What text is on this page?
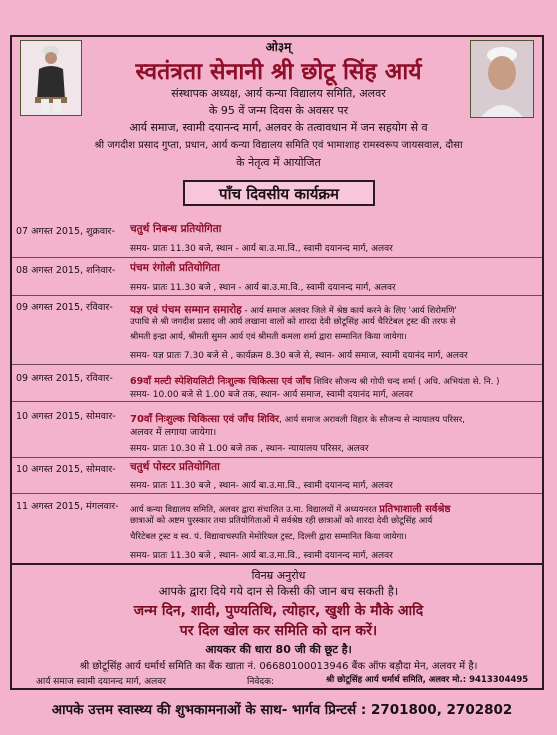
ओ३म्
स्वतंत्रता सेनानी श्री छोटू सिंह आर्य
संस्थापक अध्यक्ष, आर्य कन्या विद्यालय समिति, अलवर
के 95 वें जन्म दिवस के अवसर पर
आर्य समाज, स्वामी दयानन्द मार्ग, अलवर के तत्वावधान में जन सहयोग से व
श्री जगदीश प्रसाद गुप्ता, प्रधान, आर्य कन्या विद्यालय समिति एवं भामाशाह रामस्वरूप जायसवाल, दौसा
के नेतृत्व में आयोजित
पाँच दिवसीय कार्यक्रम
07 अगस्त 2015, शुक्रवार- चतुर्थ निबन्ध प्रतियोगिता
समय- प्रातः 11.30 बजे, स्थान - आर्य बा.उ.मा.वि., स्वामी दयानन्द मार्ग, अलवर
08 अगस्त 2015, शनिवार- पंचम रंगोली प्रतियोगिता
समय- प्रातः 11.30 बजे , स्थान - आर्य बा.उ.मा.वि., स्वामी दयानन्द मार्ग, अलवर
09 अगस्त 2015, रविवार- यज्ञ एवं पंचम सम्मान समारोह - आर्य समाज अलवर जिले में श्रेष्ठ कार्य करने के लिए 'आर्य शिरोमणि'
उपाधि से श्री जगदीश प्रसाद जी आर्य लखाना वालों को शारदा देवी छोटूसिंह आर्य चैरिटेबल ट्रस्ट की तरफ से
श्रीमती इन्द्रा आर्य, श्रीमती सुमन आर्य एवं श्रीमती कमला शर्मा द्वारा सम्मानित किया जायेगा।
समय- यज्ञ प्रातः 7.30 बजे से , कार्यक्रम 8.30 बजे से, स्थान- आर्य समाज, स्वामी दयानंद मार्ग, अलवर
09 अगस्त 2015, रविवार- 69वाँ मल्टी स्पेशियलिटी निःशुल्क चिकित्सा एवं जाँच शिविर सौजन्य श्री गोपी चन्द शर्मा ( अधि. अभियंता से. नि. )
समय- 10.00 बजे से 1.00 बजे तक, स्थान- आर्य समाज, स्वामी दयानंद मार्ग, अलवर
10 अगस्त 2015, सोमवार- 70वाँ निःशुल्क चिकित्सा एवं जाँच शिविर, आर्य समाज अरावली विहार के सौजन्य से न्यायालय परिसर,
अलवर में लगाया जायेगा।
समय- प्रातः 10.30 से 1.00 बजे तक , स्थान- न्यायालय परिसर, अलवर
10 अगस्त 2015, सोमवार- चतुर्थ पोस्टर प्रतियोगिता
समय- प्रातः 11.30 बजे , स्थान- आर्य बा.उ.मा.वि., स्वामी दयानन्द मार्ग, अलवर
11 अगस्त 2015, मंगलवार- आर्य कन्या विद्यालय समिति, अलवर द्वारा संचालित उ.मा. विद्यालयों में अध्ययनरत प्रतिभाशाली सर्वश्रेष्ठ
छात्राओं को अष्टम पुरस्कार तथा प्रतियोगिताओं में सर्वश्रेष्ठ रही छात्राओं को शारदा देवी छोटूसिंह आर्य
चैरिटेबल ट्रस्ट व स्व. पं. विद्यावाचस्पति मेमोरियल ट्रस्ट, दिल्ली द्वारा सम्मानित किया जायेगा।
समय- प्रातः 11.30 बजे , स्थान- आर्य बा.उ.मा.वि., स्वामी दयानन्द मार्ग, अलवर
विनम्र अनुरोध
आपके द्वारा दिये गये दान से किसी की जान बच सकती है।
जन्म दिन, शादी, पुण्यतिथि, त्योहार, खुशी के मौके आदि
पर दिल खोल कर समिति को दान करें।
आयकर की धारा 80 जी की छूट है।
श्री छोटूसिंह आर्य धर्मार्थ समिति का बैंक खाता नं. 06680100013946 बैंक ऑफ बड़ौदा मेन, अलवर में है।
आर्य समाज स्वामी दयानन्द मार्ग, अलवर	निवेदक:	श्री छोटूसिंह आर्य धर्मार्थ समिति, अलवर मो.: 9413304495
आपके उत्तम स्वास्थ्य की शुभकामनाओं के साथ- भार्गव प्रिन्टर्स : 2701800, 2702802
